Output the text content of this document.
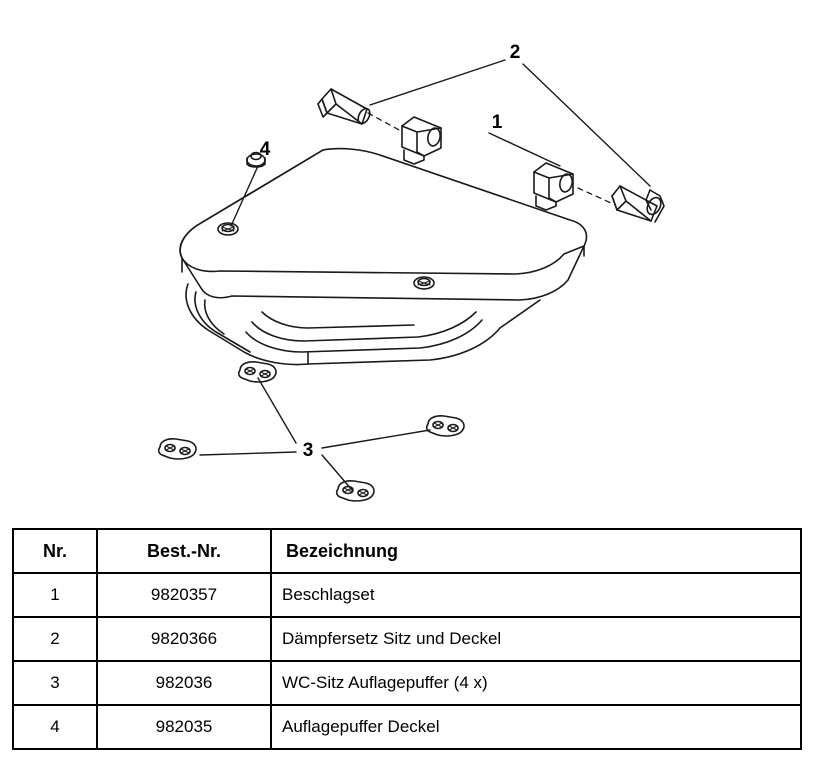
2
1
4
3
Nr.	Best.-Nr.	Bezeichnung
1	9820357	Beschlagset
2	9820366	Dämpfersetz Sitz und Deckel
3	982036	WC-Sitz Auflagepuffer (4 x)
4	982035	Auflagepuffer Deckel
